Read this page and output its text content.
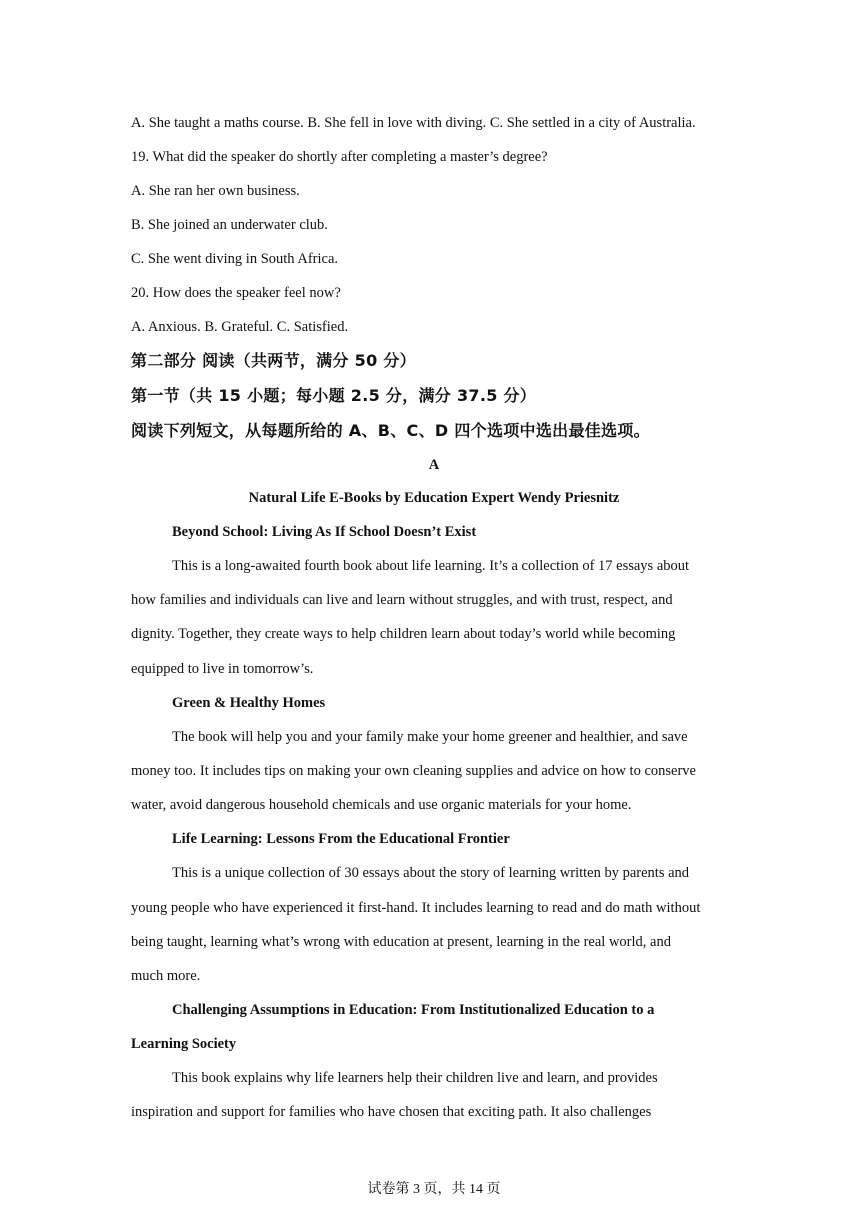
A. She taught a maths course. B. She fell in love with diving. C. She settled in a city of Australia.
19. What did the speaker do shortly after completing a master’s degree?
A. She ran her own business.
B. She joined an underwater club.
C. She went diving in South Africa.
20. How does the speaker feel now?
A. Anxious. B. Grateful. C. Satisfied.
第二部分 阅读（共两节，满分 50 分）
第一节（共 15 小题；每小题 2.5 分，满分 37.5 分）
阅读下列短文，从每题所给的 A、B、C、D 四个选项中选出最佳选项。
A
Natural Life E-Books by Education Expert Wendy Priesnitz
Beyond School: Living As If School Doesn’t Exist
This is a long-awaited fourth book about life learning. It’s a collection of 17 essays about
how families and individuals can live and learn without struggles, and with trust, respect, and
dignity. Together, they create ways to help children learn about today’s world while becoming
equipped to live in tomorrow’s.
Green & Healthy Homes
The book will help you and your family make your home greener and healthier, and save
money too. It includes tips on making your own cleaning supplies and advice on how to conserve
water, avoid dangerous household chemicals and use organic materials for your home.
Life Learning: Lessons From the Educational Frontier
This is a unique collection of 30 essays about the story of learning written by parents and
young people who have experienced it first-hand. It includes learning to read and do math without
being taught, learning what’s wrong with education at present, learning in the real world, and
much more.
Challenging Assumptions in Education: From Institutionalized Education to a
Learning Society
This book explains why life learners help their children live and learn, and provides
inspiration and support for families who have chosen that exciting path. It also challenges
试卷第 3 页，共 14 页
